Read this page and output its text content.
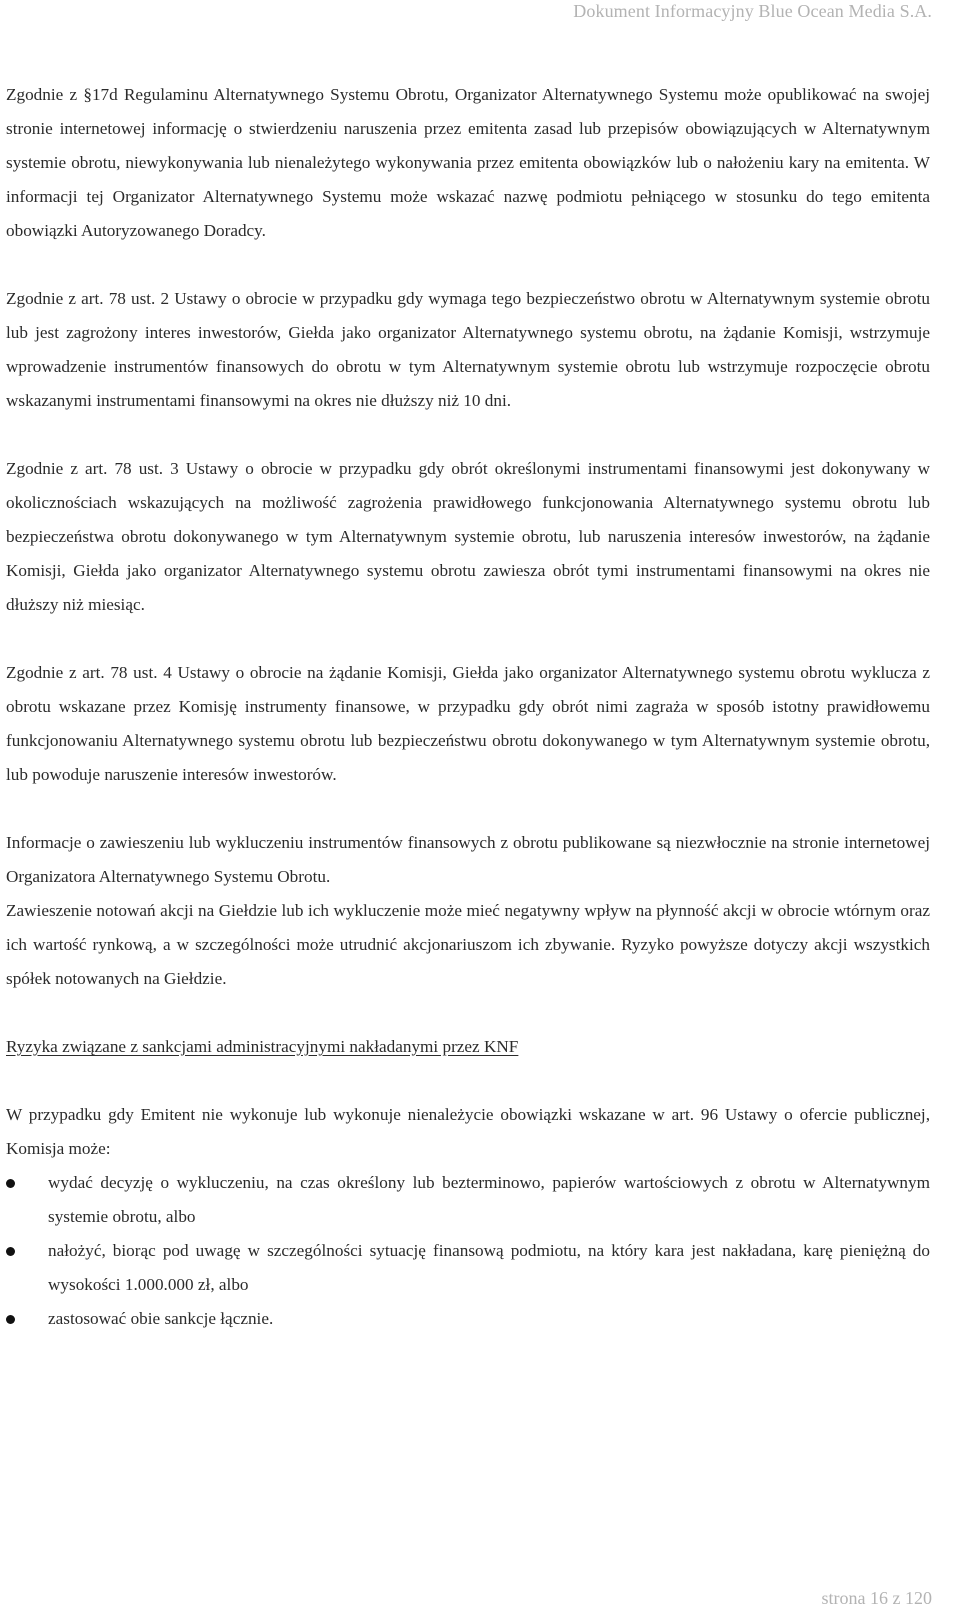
Dokument Informacyjny Blue Ocean Media S.A.

Zgodnie z §17d Regulaminu Alternatywnego Systemu Obrotu, Organizator Alternatywnego Systemu może opublikować na swojej stronie internetowej informację o stwierdzeniu naruszenia przez emitenta zasad lub przepisów obowiązujących w Alternatywnym systemie obrotu, niewykonywania lub nienależytego wykonywania przez emitenta obowiązków lub o nałożeniu kary na emitenta. W informacji tej Organizator Alternatywnego Systemu może wskazać nazwę podmiotu pełniącego w stosunku do tego emitenta obowiązki Autoryzowanego Doradcy.

Zgodnie z art. 78 ust. 2 Ustawy o obrocie w przypadku gdy wymaga tego bezpieczeństwo obrotu w Alternatywnym systemie obrotu lub jest zagrożony interes inwestorów, Giełda jako organizator Alternatywnego systemu obrotu, na żądanie Komisji, wstrzymuje wprowadzenie instrumentów finansowych do obrotu w tym Alternatywnym systemie obrotu lub wstrzymuje rozpoczęcie obrotu wskazanymi instrumentami finansowymi na okres nie dłuższy niż 10 dni.

Zgodnie z art. 78 ust. 3 Ustawy o obrocie w przypadku gdy obrót określonymi instrumentami finansowymi jest dokonywany w okolicznościach wskazujących na możliwość zagrożenia prawidłowego funkcjonowania Alternatywnego systemu obrotu lub bezpieczeństwa obrotu dokonywanego w tym Alternatywnym systemie obrotu, lub naruszenia interesów inwestorów, na żądanie Komisji, Giełda jako organizator Alternatywnego systemu obrotu zawiesza obrót tymi instrumentami finansowymi na okres nie dłuższy niż miesiąc.

Zgodnie z art. 78 ust. 4 Ustawy o obrocie na żądanie Komisji, Giełda jako organizator Alternatywnego systemu obrotu wyklucza z obrotu wskazane przez Komisję instrumenty finansowe, w przypadku gdy obrót nimi zagraża w sposób istotny prawidłowemu funkcjonowaniu Alternatywnego systemu obrotu lub bezpieczeństwu obrotu dokonywanego w tym Alternatywnym systemie obrotu, lub powoduje naruszenie interesów inwestorów.

Informacje o zawieszeniu lub wykluczeniu instrumentów finansowych z obrotu publikowane są niezwłocznie na stronie internetowej Organizatora Alternatywnego Systemu Obrotu.

Zawieszenie notowań akcji na Giełdzie lub ich wykluczenie może mieć negatywny wpływ na płynność akcji w obrocie wtórnym oraz ich wartość rynkową, a w szczególności może utrudnić akcjonariuszom ich zbywanie. Ryzyko powyższe dotyczy akcji wszystkich spółek notowanych na Giełdzie.

Ryzyka związane z sankcjami administracyjnymi nakładanymi przez KNF

W przypadku gdy Emitent nie wykonuje lub wykonuje nienależycie obowiązki wskazane w art. 96 Ustawy o ofercie publicznej, Komisja może:

wydać decyzję o wykluczeniu, na czas określony lub bezterminowo, papierów wartościowych z obrotu w Alternatywnym systemie obrotu, albo
nałożyć, biorąc pod uwagę w szczególności sytuację finansową podmiotu, na który kara jest nakładana, karę pieniężną do wysokości 1.000.000 zł, albo
zastosować obie sankcje łącznie.
strona 16 z 120
